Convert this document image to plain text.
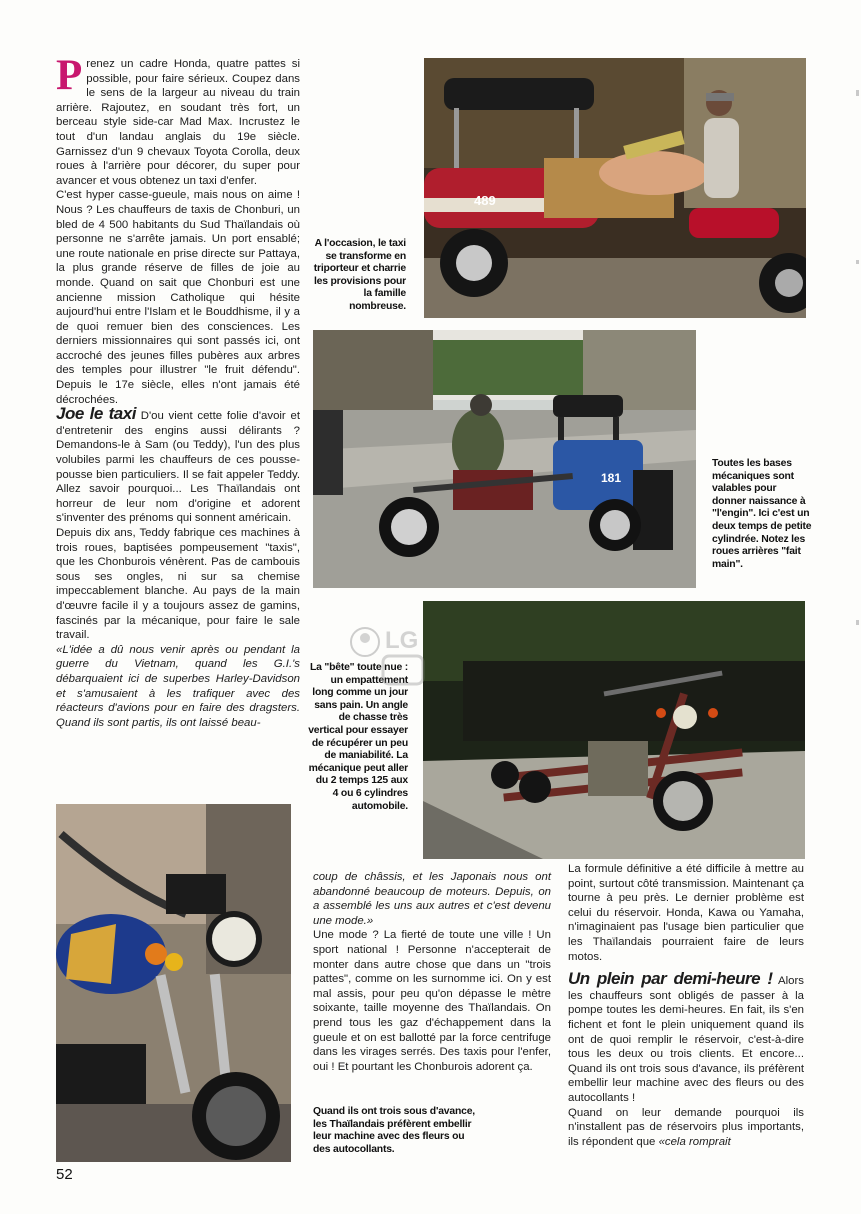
Prenez un cadre Honda, quatre pattes si possible, pour faire sérieux. Coupez dans le sens de la largeur au niveau du train arrière. Rajoutez, en soudant très fort, un berceau style side-car Mad Max. Incrustez le tout d'un landau anglais du 19e siècle. Garnissez d'un 9 chevaux Toyota Corolla, deux roues à l'arrière pour décorer, du super pour avancer et vous obtenez un taxi d'enfer.

C'est hyper casse-gueule, mais nous on aime ! Nous ? Les chauffeurs de taxis de Chonburi, un bled de 4 500 habitants du Sud Thaïlandais où personne ne s'arrête jamais. Un port ensablé; une route nationale en prise directe sur Pattaya, la plus grande réserve de filles de joie au monde. Quand on sait que Chonburi est une ancienne mission Catholique qui hésite aujourd'hui entre l'Islam et le Bouddhisme, il y a de quoi remuer bien des consciences. Les derniers missionnaires qui sont passés ici, ont accroché des jeunes filles pubères aux arbres des temples pour illustrer "le fruit défendu". Depuis le 17e siècle, elles n'ont jamais été décrochées.

Joe le taxi D'ou vient cette folie d'avoir et d'entretenir des engins aussi délirants ? Demandons-le à Sam (ou Teddy), l'un des plus volubiles parmi les chauffeurs de ces pousse-pousse bien particuliers. Il se fait appeler Teddy. Allez savoir pourquoi... Les Thaïlandais ont horreur de leur nom d'origine et adorent s'inventer des prénoms qui sonnent américain.

Depuis dix ans, Teddy fabrique ces machines à trois roues, baptisées pompeusement "taxis", que les Chonburois vénèrent. Pas de cambouis sous ses ongles, ni sur sa chemise impeccablement blanche. Au pays de la main d'œuvre facile il y a toujours assez de gamins, fascinés par la mécanique, pour faire le sale travail.

«L'idée a dû nous venir après ou pendant la guerre du Vietnam, quand les G.I.'s débarquaient ici de superbes Harley-Davidson et s'amusaient à les trafiquer avec des réacteurs d'avions pour en faire des dragsters. Quand ils sont partis, ils ont laissé beau-

coup de châssis, et les Japonais nous ont abandonné beaucoup de moteurs. Depuis, on a assemblé les uns aux autres et c'est devenu une mode.»

Une mode ? La fierté de toute une ville ! Un sport national ! Personne n'accepterait de monter dans autre chose que dans un "trois pattes", comme on les surnomme ici. On y est mal assis, pour peu qu'on dépasse le mètre soixante, taille moyenne des Thaïlandais. On prend tous les gaz d'échappement dans la gueule et on est ballotté par la force centrifuge dans les virages serrés. Des taxis pour l'enfer, oui ! Et pourtant les Chonburois adorent ça.

La formule définitive a été difficile à mettre au point, surtout côté transmission. Maintenant ça tourne à peu près. Le dernier problème est celui du réservoir. Honda, Kawa ou Yamaha, n'imaginaient pas l'usage bien particulier que les Thaïlandais pourraient faire de leurs motos.

Un plein par demi-heure ! Alors les chauffeurs sont obligés de passer à la pompe toutes les demi-heures. En fait, ils s'en fichent et font le plein uniquement quand ils ont de quoi remplir le réservoir, c'est-à-dire tous les deux ou trois clients. Et encore... Quand ils ont trois sous d'avance, ils préfèrent embellir leur machine avec des fleurs ou des autocollants !

Quand on leur demande pourquoi ils n'installent pas de réservoirs plus importants, ils répondent que «cela romprait

A l'occasion, le taxi se transforme en triporteur et charrie les provisions pour la famille nombreuse.
Toutes les bases mécaniques sont valables pour donner naissance à "l'engin". Ici c'est un deux temps de petite cylindrée. Notez les roues arrières "fait main".
La "bête" toute nue : un empattement long comme un jour sans pain. Un angle de chasse très vertical pour essayer de récupérer un peu de maniabilité. La mécanique peut aller du 2 temps 125 aux 4 ou 6 cylindres automobile.
Quand ils ont trois sous d'avance, les Thaïlandais préfèrent embellir leur machine avec des fleurs ou des autocollants.
489
181
LG
52
